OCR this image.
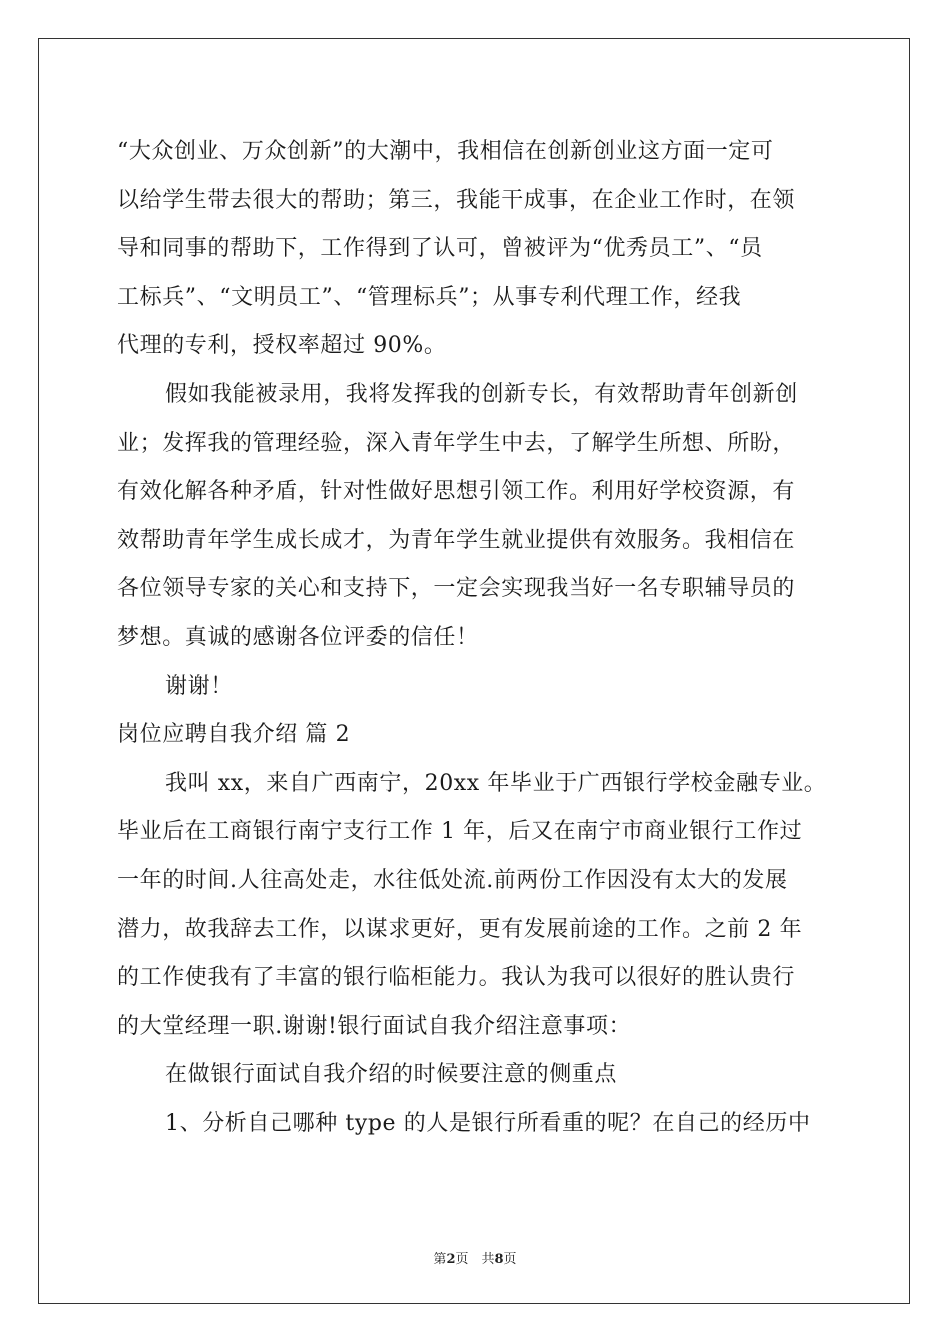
“大众创业、万众创新”的大潮中，我相信在创新创业这方面一定可
以给学生带去很大的帮助；第三，我能干成事，在企业工作时，在领
导和同事的帮助下，工作得到了认可，曾被评为“优秀员工”、“员
工标兵”、“文明员工”、“管理标兵”；从事专利代理工作，经我
代理的专利，授权率超过 90%。
假如我能被录用，我将发挥我的创新专长，有效帮助青年创新创
业；发挥我的管理经验，深入青年学生中去，了解学生所想、所盼，
有效化解各种矛盾，针对性做好思想引领工作。利用好学校资源，有
效帮助青年学生成长成才，为青年学生就业提供有效服务。我相信在
各位领导专家的关心和支持下，一定会实现我当好一名专职辅导员的
梦想。真诚的感谢各位评委的信任！
谢谢！
岗位应聘自我介绍 篇 2
我叫 xx，来自广西南宁，20xx 年毕业于广西银行学校金融专业。
毕业后在工商银行南宁支行工作 1 年，后又在南宁市商业银行工作过
一年的时间.人往高处走，水往低处流.前两份工作因没有太大的发展
潜力，故我辞去工作，以谋求更好，更有发展前途的工作。之前 2 年
的工作使我有了丰富的银行临柜能力。我认为我可以很好的胜认贵行
的大堂经理一职.谢谢!银行面试自我介绍注意事项：
在做银行面试自我介绍的时候要注意的侧重点
1、分析自己哪种 type 的人是银行所看重的呢？在自己的经历中
第2页　共8页
